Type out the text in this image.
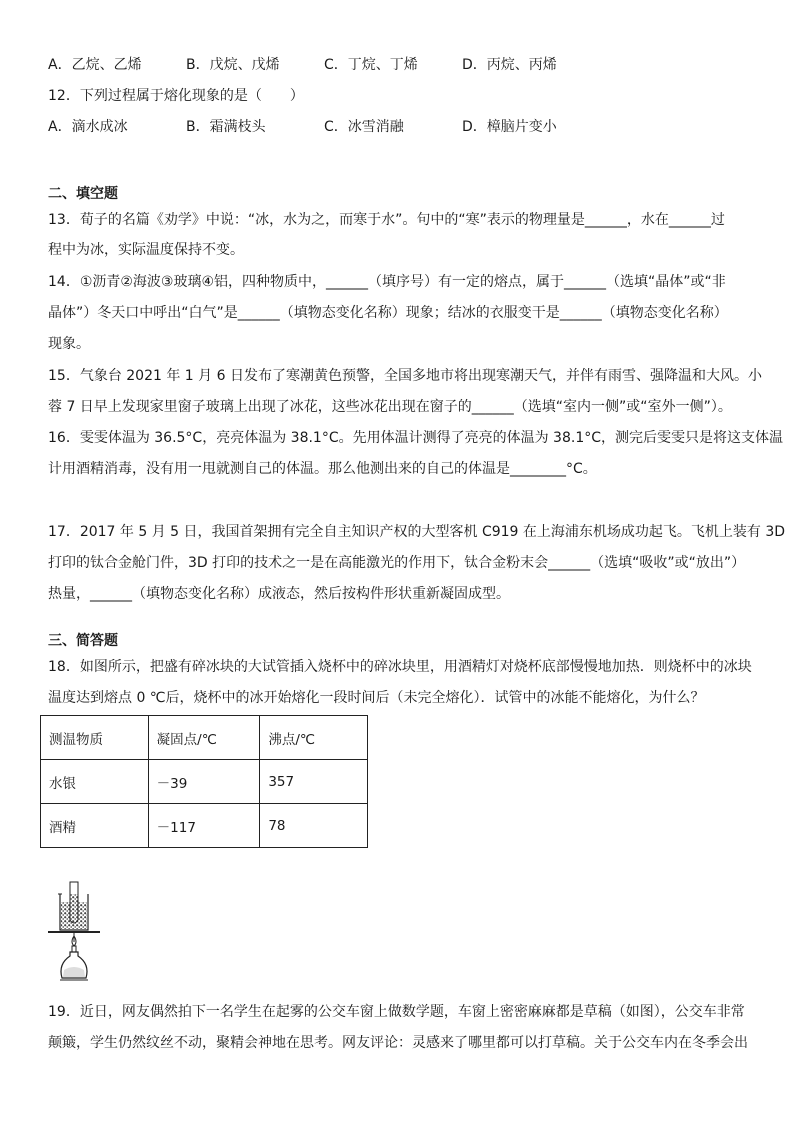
A．乙烷、乙烯	B．戊烷、戊烯	C．丁烷、丁烯	D．丙烷、丙烯
12．下列过程属于熔化现象的是（　　）
A．滴水成冰	B．霜满枝头	C．冰雪消融	D．樟脑片变小
二、填空题
13．荀子的名篇《劝学》中说：“冰，水为之，而寒于水”。句中的“寒”表示的物理量是______，水在______过
程中为冰，实际温度保持不变。
14．①沥青②海波③玻璃④铝，四种物质中，______（填序号）有一定的熔点，属于______（选填“晶体”或“非
晶体”）冬天口中呼出“白气”是______（填物态变化名称）现象；结冰的衣服变干是______（填物态变化名称）
现象。
15．气象台 2021 年 1 月 6 日发布了寒潮黄色预警，全国多地市将出现寒潮天气，并伴有雨雪、强降温和大风。小
蓉 7 日早上发现家里窗子玻璃上出现了冰花，这些冰花出现在窗子的______（选填“室内一侧”或“室外一侧”）。
16．雯雯体温为 36.5°C，亮亮体温为 38.1°C。先用体温计测得了亮亮的体温为 38.1°C，测完后雯雯只是将这支体温
计用酒精消毒，没有用一甩就测自己的体温。那么他测出来的自己的体温是________°C。
17．2017 年 5 月 5 日，我国首架拥有完全自主知识产权的大型客机 C919 在上海浦东机场成功起飞。飞机上装有 3D
打印的钛合金舱门件，3D 打印的技术之一是在高能激光的作用下，钛合金粉末会______（选填“吸收”或“放出”）
热量，______（填物态变化名称）成液态，然后按构件形状重新凝固成型。
三、简答题
18．如图所示，把盛有碎冰块的大试管插入烧杯中的碎冰块里，用酒精灯对烧杯底部慢慢地加热．则烧杯中的冰块
温度达到熔点 0 ℃后，烧杯中的冰开始熔化一段时间后（未完全熔化）．试管中的冰能不能熔化，为什么？
测温物质	凝固点/℃	沸点/℃
水银	－39	357
酒精	－117	78
19．近日，网友偶然拍下一名学生在起雾的公交车窗上做数学题，车窗上密密麻麻都是草稿（如图），公交车非常
颠簸，学生仍然纹丝不动，聚精会神地在思考。网友评论：灵感来了哪里都可以打草稿。关于公交车内在冬季会出
